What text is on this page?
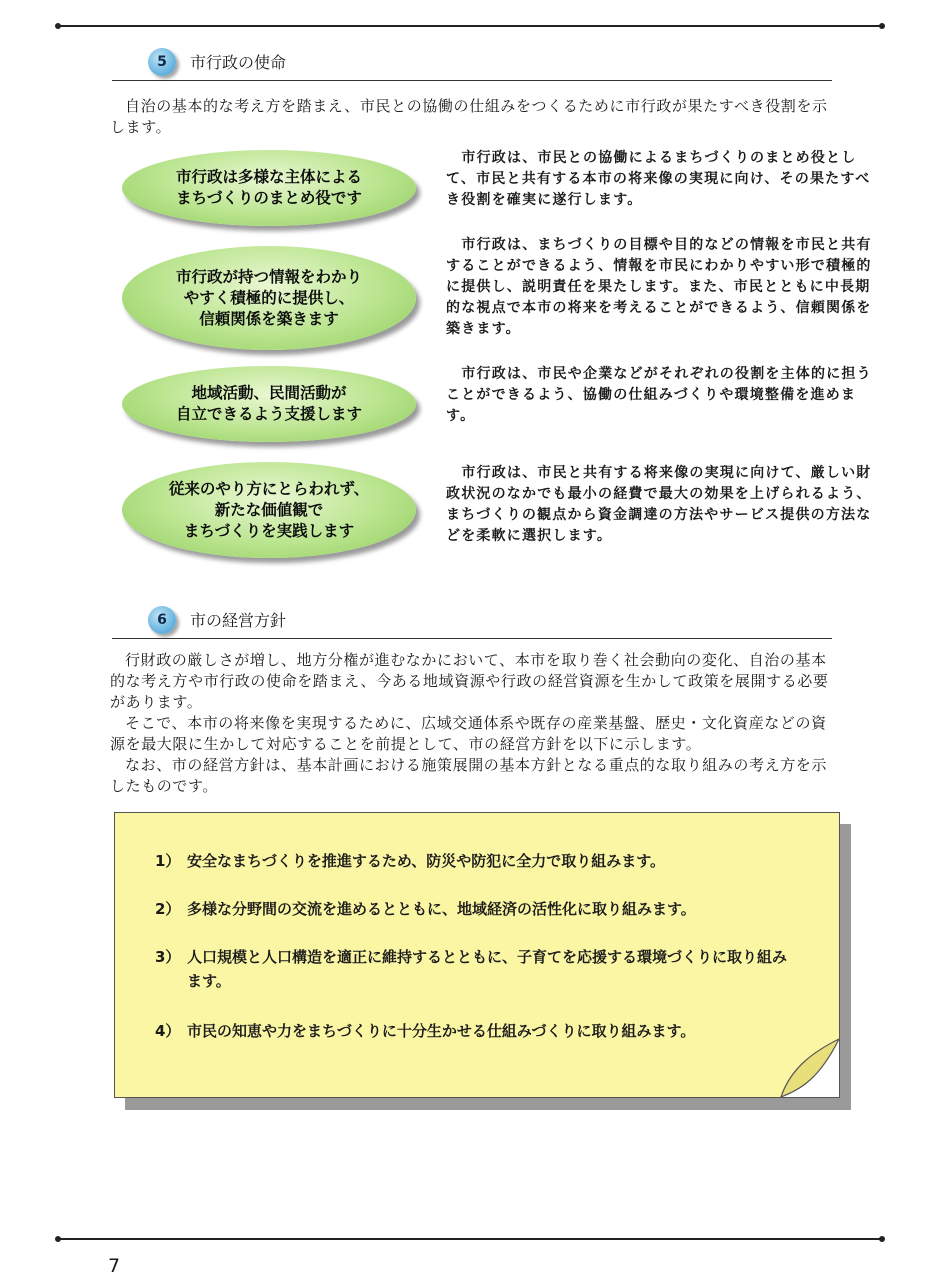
5	市行政の使命

自治の基本的な考え方を踏まえ、市民との協働の仕組みをつくるために市行政が果たすべき役割を示します。

市行政は多様な主体による
まちづくりのまとめ役です

市行政は、市民との協働によるまちづくりのまとめ役として、市民と共有する本市の将来像の実現に向け、その果たすべき役割を確実に遂行します。

市行政が持つ情報をわかり
やすく積極的に提供し、
信頼関係を築きます

市行政は、まちづくりの目標や目的などの情報を市民と共有することができるよう、情報を市民にわかりやすい形で積極的に提供し、説明責任を果たします。また、市民とともに中長期的な視点で本市の将来を考えることができるよう、信頼関係を築きます。

地域活動、民間活動が
自立できるよう支援します

市行政は、市民や企業などがそれぞれの役割を主体的に担うことができるよう、協働の仕組みづくりや環境整備を進めます。

従来のやり方にとらわれず、
新たな価値観で
まちづくりを実践します

市行政は、市民と共有する将来像の実現に向けて、厳しい財政状況のなかでも最小の経費で最大の効果を上げられるよう、まちづくりの観点から資金調達の方法やサービス提供の方法などを柔軟に選択します。

6	市の経営方針

行財政の厳しさが増し、地方分権が進むなかにおいて、本市を取り巻く社会動向の変化、自治の基本的な考え方や市行政の使命を踏まえ、今ある地域資源や行政の経営資源を生かして政策を展開する必要があります。

そこで、本市の将来像を実現するために、広域交通体系や既存の産業基盤、歴史・文化資産などの資源を最大限に生かして対応することを前提として、市の経営方針を以下に示します。

なお、市の経営方針は、基本計画における施策展開の基本方針となる重点的な取り組みの考え方を示したものです。

1） 安全なまちづくりを推進するため、防災や防犯に全力で取り組みます。
2） 多様な分野間の交流を進めるとともに、地域経済の活性化に取り組みます。
3） 人口規模と人口構造を適正に維持するとともに、子育てを応援する環境づくりに取り組みます。
4） 市民の知恵や力をまちづくりに十分生かせる仕組みづくりに取り組みます。
7
